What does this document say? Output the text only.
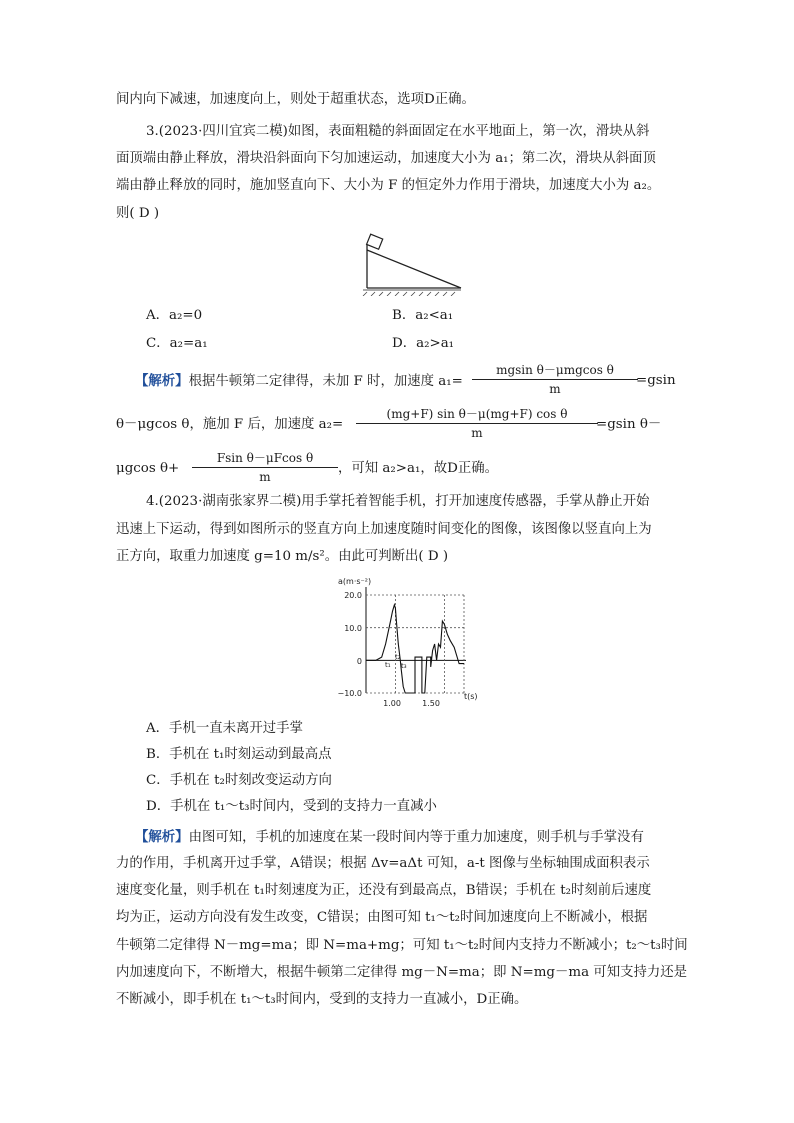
间内向下减速，加速度向上，则处于超重状态，选项D正确。
3.(2023·四川宜宾二模)如图，表面粗糙的斜面固定在水平地面上，第一次，滑块从斜
面顶端由静止释放，滑块沿斜面向下匀加速运动，加速度大小为 a₁；第二次，滑块从斜面顶
端由静止释放的同时，施加竖直向下、大小为 F 的恒定外力作用于滑块，加速度大小为 a₂。
则( D )
A．a₂=0	B．a₂<a₁
C．a₂=a₁	D．a₂>a₁
【解析】根据牛顿第二定律得，未加 F 时，加速度 a₁=
mgsin θ－μmgcos θ
m
=gsin
θ－μgcos θ，施加 F 后，加速度 a₂=
(mg+F) sin θ－μ(mg+F) cos θ
m
=gsin θ－
μgcos θ+
Fsin θ－μFcos θ
m
，可知 a₂>a₁，故D正确。
4.(2023·湖南张家界二模)用手掌托着智能手机，打开加速度传感器，手掌从静止开始
迅速上下运动，得到如图所示的竖直方向上加速度随时间变化的图像，该图像以竖直向上为
正方向，取重力加速度 g=10 m/s²。由此可判断出( D )
a(m·s⁻²)
t(s)
20.0
10.0
0
−10.0
1.00	1.50
t₁
t₂
t₃
A．手机一直未离开过手掌
B．手机在 t₁时刻运动到最高点
C．手机在 t₂时刻改变运动方向
D．手机在 t₁～t₃时间内，受到的支持力一直减小
【解析】由图可知，手机的加速度在某一段时间内等于重力加速度，则手机与手掌没有
力的作用，手机离开过手掌，A错误；根据 Δv=aΔt 可知，a-t 图像与坐标轴围成面积表示
速度变化量，则手机在 t₁时刻速度为正，还没有到最高点，B错误；手机在 t₂时刻前后速度
均为正，运动方向没有发生改变，C错误；由图可知 t₁～t₂时间加速度向上不断减小，根据
牛顿第二定律得 N－mg=ma；即 N=ma+mg；可知 t₁～t₂时间内支持力不断减小；t₂～t₃时间
内加速度向下，不断增大，根据牛顿第二定律得 mg－N=ma；即 N=mg－ma 可知支持力还是
不断减小，即手机在 t₁～t₃时间内，受到的支持力一直减小，D正确。
